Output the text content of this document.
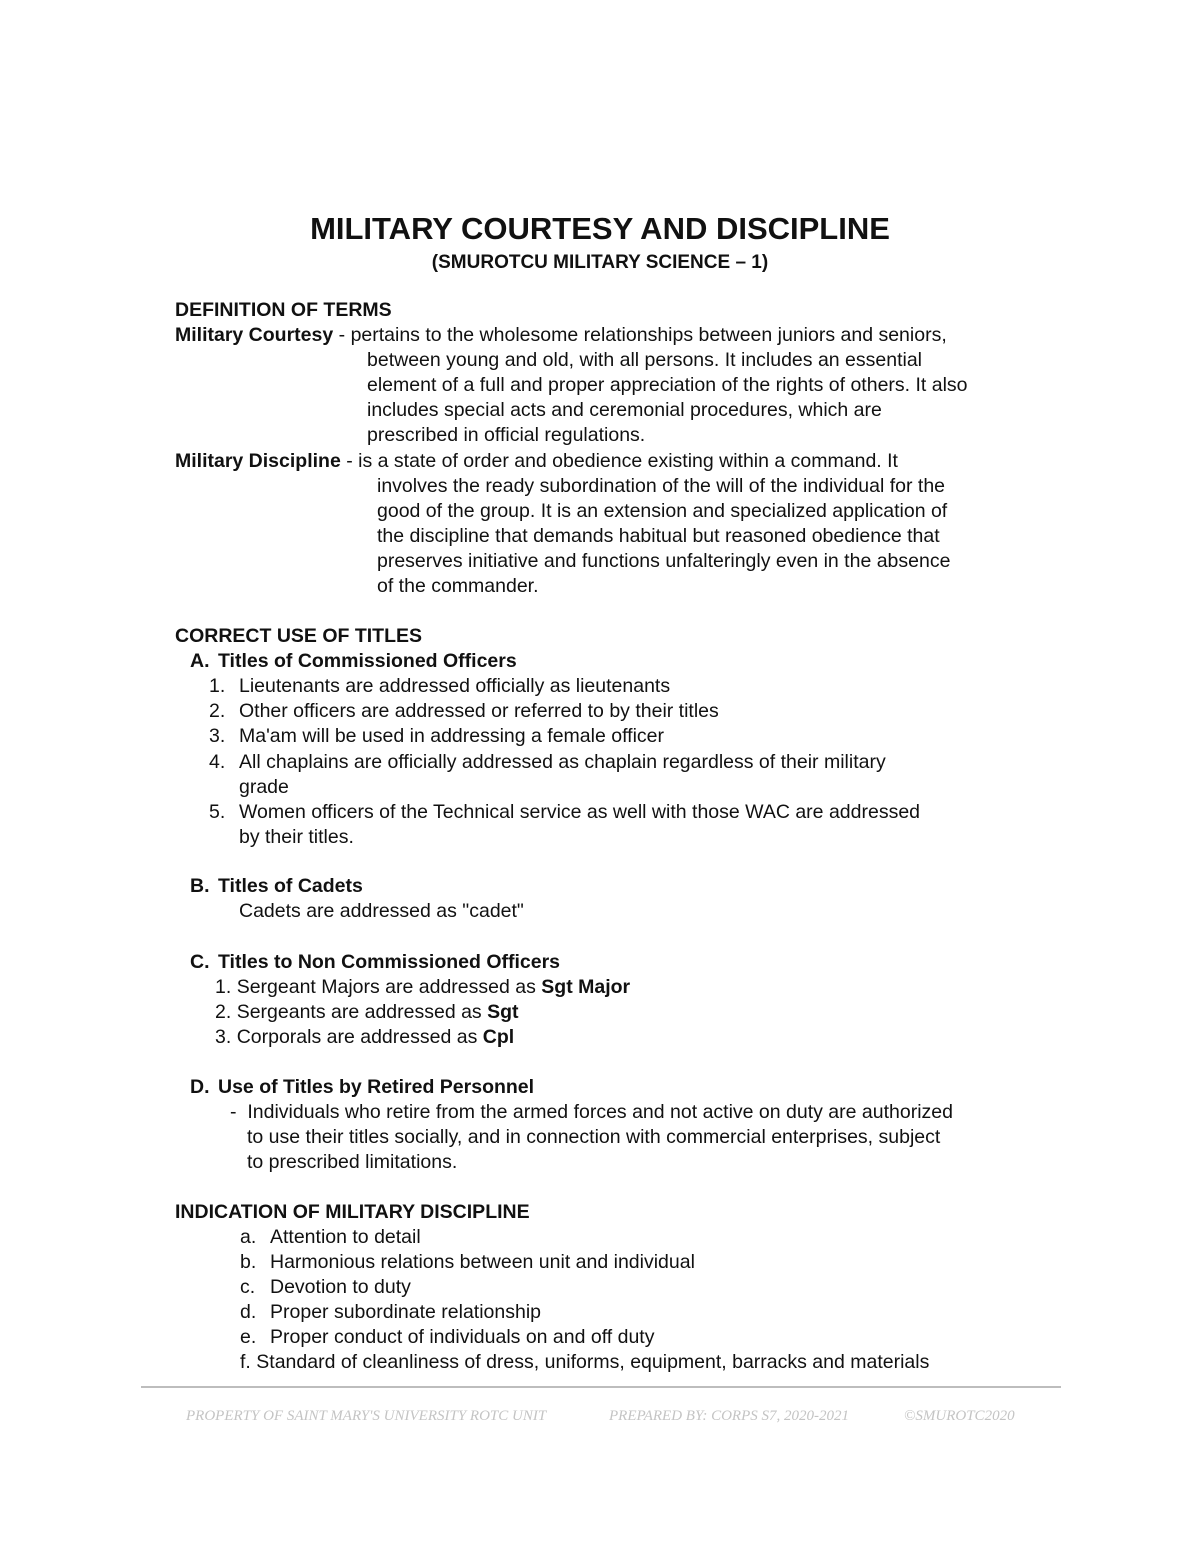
MILITARY COURTESY AND DISCIPLINE
(SMUROTCU MILITARY SCIENCE – 1)
DEFINITION OF TERMS
Military Courtesy - pertains to the wholesome relationships between juniors and seniors,
between young and old, with all persons. It includes an essential
element of a full and proper appreciation of the rights of others. It also
includes special acts and ceremonial procedures, which are
prescribed in official regulations.
Military Discipline - is a state of order and obedience existing within a command. It
involves the ready subordination of the will of the individual for the
good of the group. It is an extension and specialized application of
the discipline that demands habitual but reasoned obedience that
preserves initiative and functions unfalteringly even in the absence
of the commander.
CORRECT USE OF TITLES
A. Titles of Commissioned Officers
1. Lieutenants are addressed officially as lieutenants
2. Other officers are addressed or referred to by their titles
3. Ma'am will be used in addressing a female officer
4. All chaplains are officially addressed as chaplain regardless of their military
grade
5. Women officers of the Technical service as well with those WAC are addressed
by their titles.
B. Titles of Cadets
Cadets are addressed as "cadet"
C. Titles to Non Commissioned Officers
1. Sergeant Majors are addressed as Sgt Major
2. Sergeants are addressed as Sgt
3. Corporals are addressed as Cpl
D. Use of Titles by Retired Personnel
- Individuals who retire from the armed forces and not active on duty are authorized
to use their titles socially, and in connection with commercial enterprises, subject
to prescribed limitations.
INDICATION OF MILITARY DISCIPLINE
a. Attention to detail
b. Harmonious relations between unit and individual
c. Devotion to duty
d. Proper subordinate relationship
e. Proper conduct of individuals on and off duty
f. Standard of cleanliness of dress, uniforms, equipment, barracks and materials
PROPERTY OF SAINT MARY'S UNIVERSITY ROTC UNIT	PREPARED BY: CORPS S7, 2020-2021	©SMUROTC2020
